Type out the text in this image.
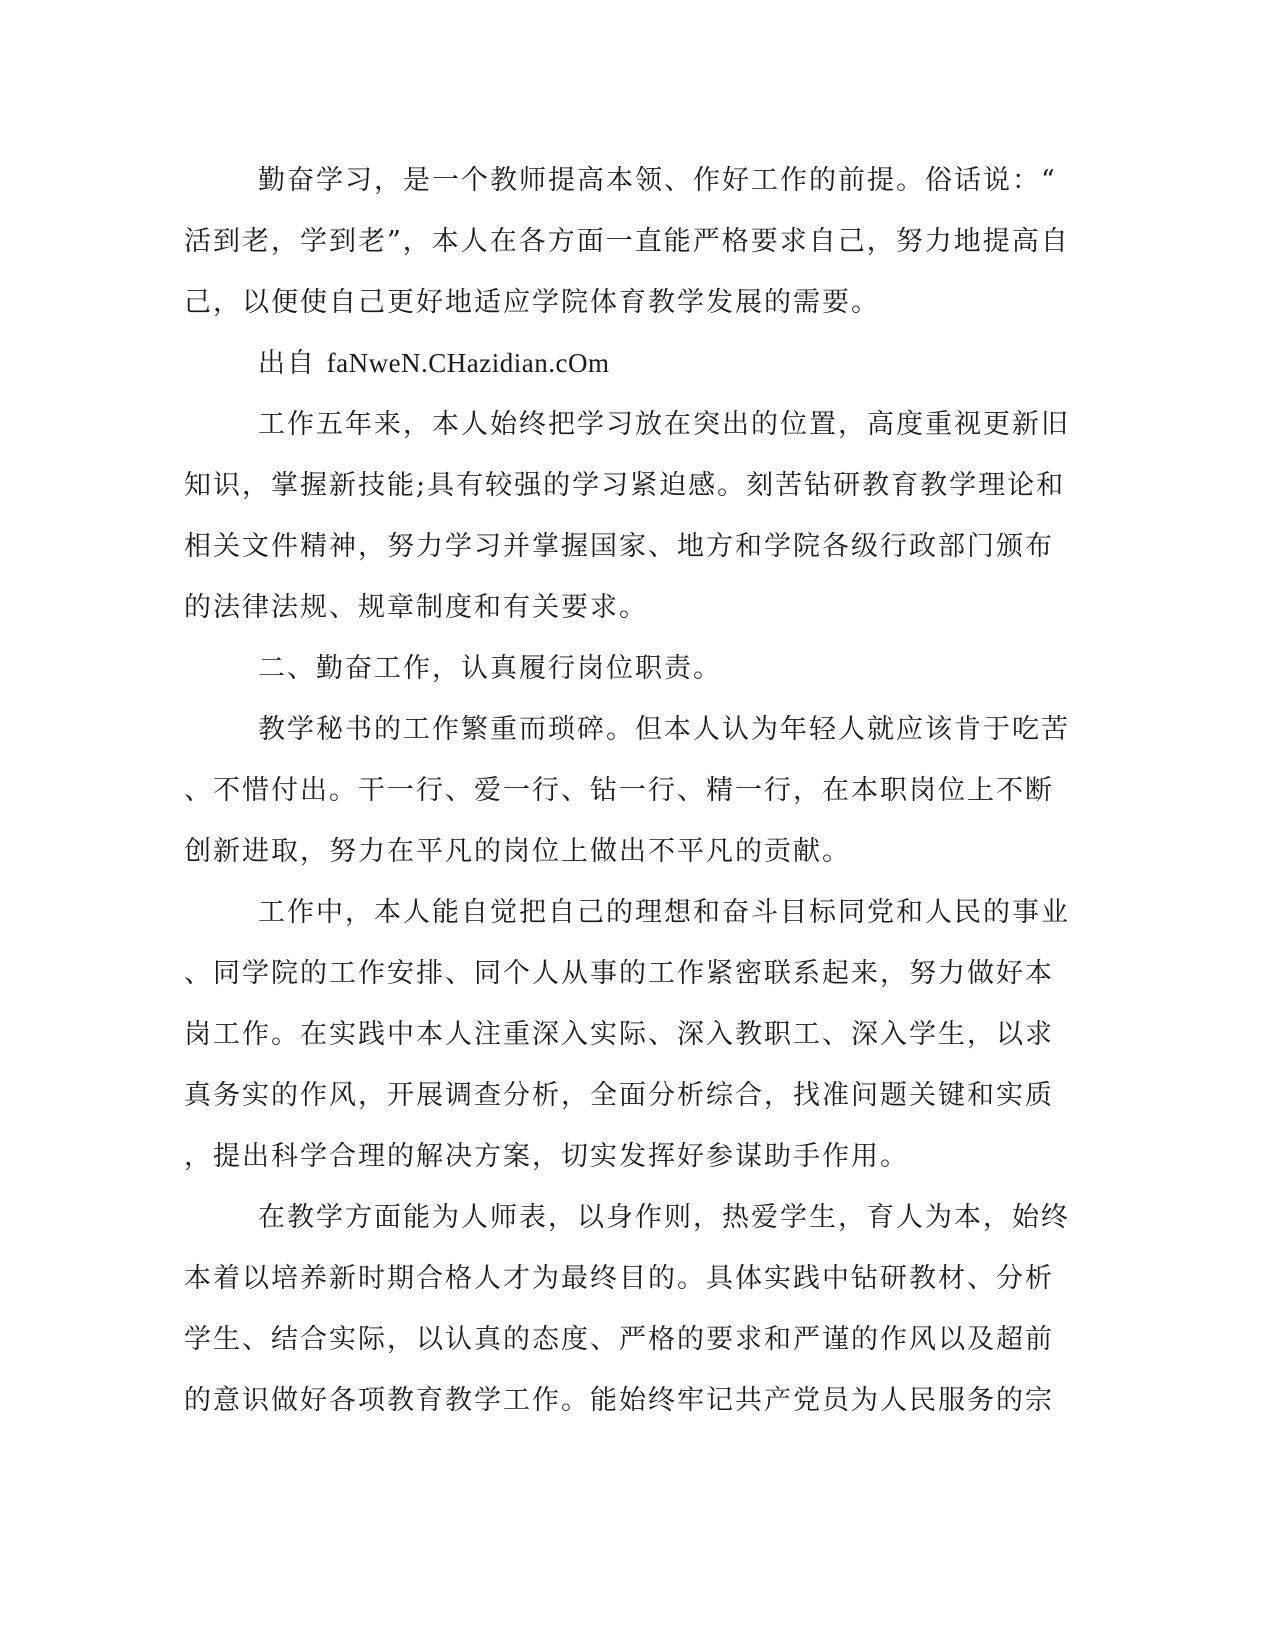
勤奋学习，是一个教师提高本领、作好工作的前提。俗话说：“
活到老，学到老”，本人在各方面一直能严格要求自己，努力地提高自
己，以便使自己更好地适应学院体育教学发展的需要。

出自 faNweN.CHazidian.cOm

工作五年来，本人始终把学习放在突出的位置，高度重视更新旧
知识，掌握新技能;具有较强的学习紧迫感。刻苦钻研教育教学理论和
相关文件精神，努力学习并掌握国家、地方和学院各级行政部门颁布
的法律法规、规章制度和有关要求。

二、勤奋工作，认真履行岗位职责。

教学秘书的工作繁重而琐碎。但本人认为年轻人就应该肯于吃苦
、不惜付出。干一行、爱一行、钻一行、精一行，在本职岗位上不断
创新进取，努力在平凡的岗位上做出不平凡的贡献。

工作中，本人能自觉把自己的理想和奋斗目标同党和人民的事业
、同学院的工作安排、同个人从事的工作紧密联系起来，努力做好本
岗工作。在实践中本人注重深入实际、深入教职工、深入学生，以求
真务实的作风，开展调查分析，全面分析综合，找准问题关键和实质
，提出科学合理的解决方案，切实发挥好参谋助手作用。

在教学方面能为人师表，以身作则，热爱学生，育人为本，始终
本着以培养新时期合格人才为最终目的。具体实践中钻研教材、分析
学生、结合实际，以认真的态度、严格的要求和严谨的作风以及超前
的意识做好各项教育教学工作。能始终牢记共产党员为人民服务的宗
